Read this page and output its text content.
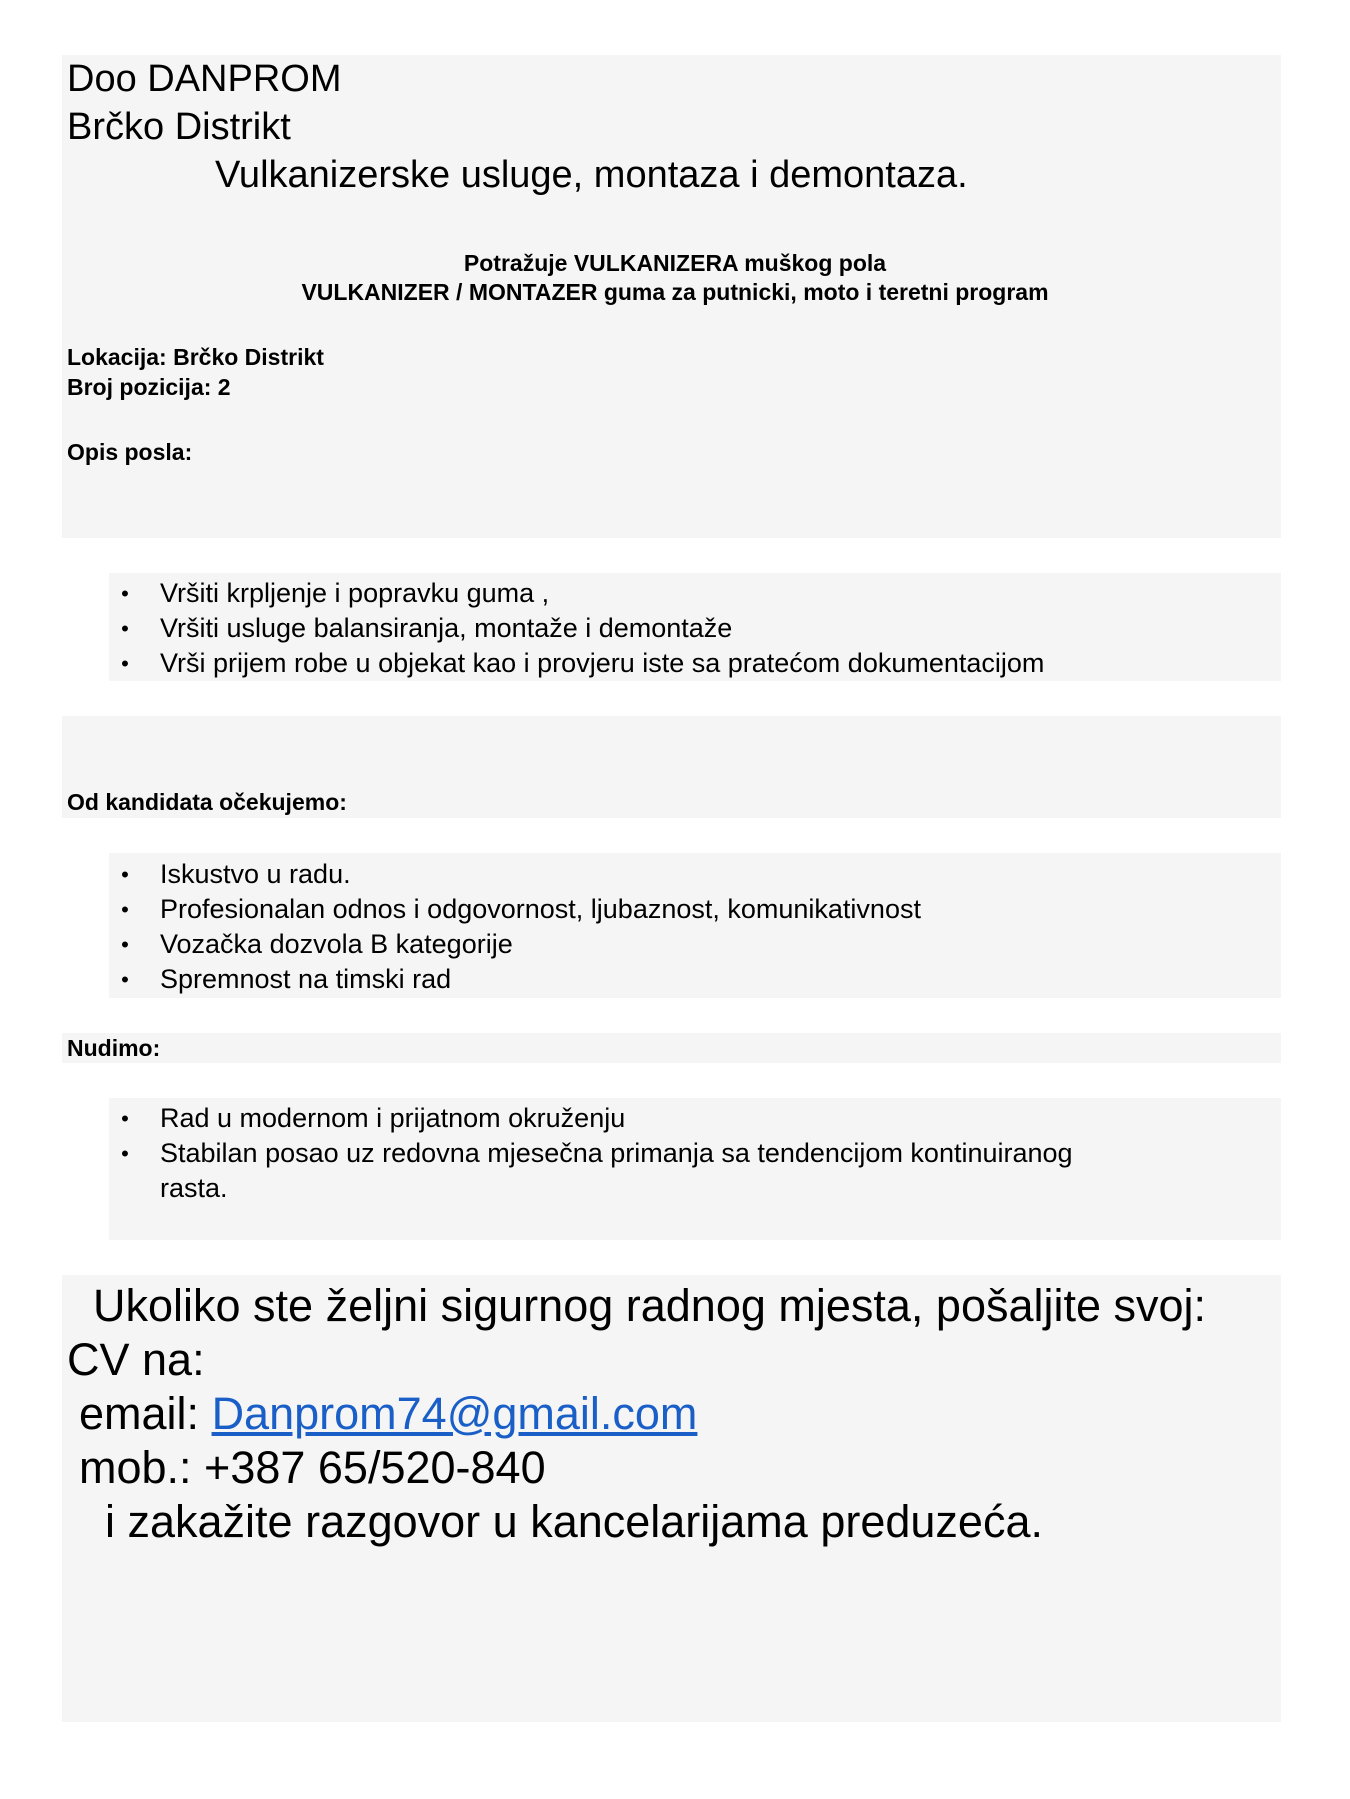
Doo DANPROM

Brčko Distrikt

Vulkanizerske usluge, montaza i demontaza.

Potražuje VULKANIZERA muškog pola

VULKANIZER / MONTAZER guma za putnicki, moto i teretni program

Lokacija: Brčko Distrikt

Broj pozicija: 2

Opis posla:

•	Vršiti krpljenje i popravku guma ,
•	Vršiti usluge balansiranja, montaže i demontaže
•	Vrši prijem robe u objekat kao i provjeru iste sa pratećom dokumentacijom

Od kandidata očekujemo:

•	Iskustvo u radu.
•	Profesionalan odnos i odgovornost, ljubaznost, komunikativnost
•	Vozačka dozvola B kategorije
•	Spremnost na timski rad

Nudimo:

•	Rad u modernom i prijatnom okruženju
•	Stabilan posao uz redovna mjesečna primanja sa tendencijom kontinuiranog
rasta.

Ukoliko ste željni sigurnog radnog mjesta, pošaljite svoj:

CV na:

email: Danprom74@gmail.com

mob.: +387 65/520-840

i zakažite razgovor u kancelarijama preduzeća.
